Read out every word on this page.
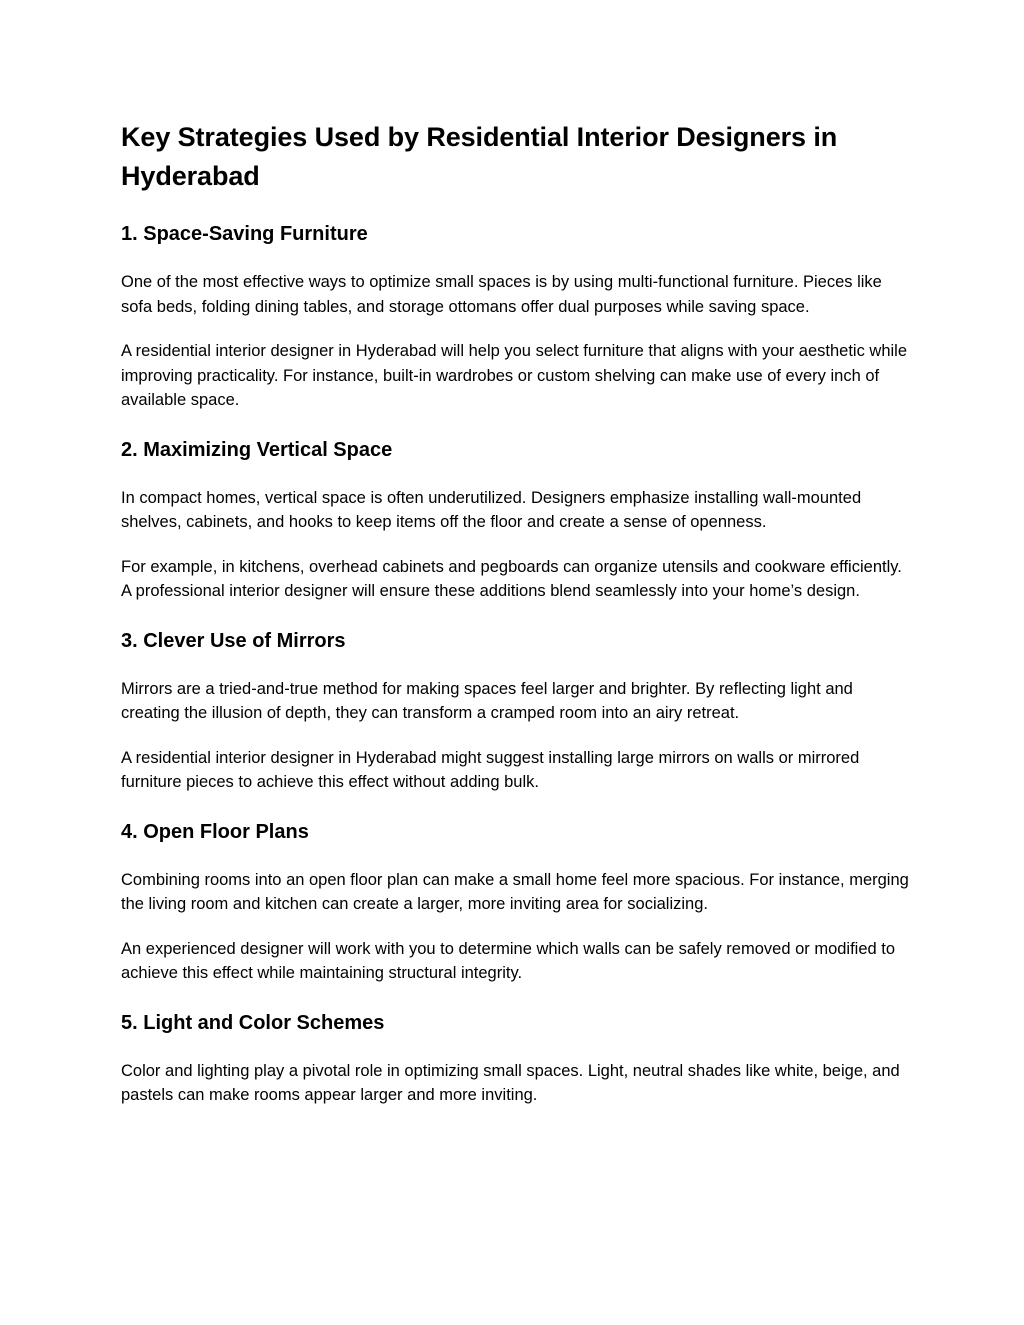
Key Strategies Used by Residential Interior Designers in Hyderabad
1. Space-Saving Furniture

One of the most effective ways to optimize small spaces is by using multi-functional furniture. Pieces like sofa beds, folding dining tables, and storage ottomans offer dual purposes while saving space.

A residential interior designer in Hyderabad will help you select furniture that aligns with your aesthetic while improving practicality. For instance, built-in wardrobes or custom shelving can make use of every inch of available space.

2. Maximizing Vertical Space

In compact homes, vertical space is often underutilized. Designers emphasize installing wall-mounted shelves, cabinets, and hooks to keep items off the floor and create a sense of openness.

For example, in kitchens, overhead cabinets and pegboards can organize utensils and cookware efficiently. A professional interior designer will ensure these additions blend seamlessly into your home’s design.

3. Clever Use of Mirrors

Mirrors are a tried-and-true method for making spaces feel larger and brighter. By reflecting light and creating the illusion of depth, they can transform a cramped room into an airy retreat.

A residential interior designer in Hyderabad might suggest installing large mirrors on walls or mirrored furniture pieces to achieve this effect without adding bulk.

4. Open Floor Plans

Combining rooms into an open floor plan can make a small home feel more spacious. For instance, merging the living room and kitchen can create a larger, more inviting area for socializing.

An experienced designer will work with you to determine which walls can be safely removed or modified to achieve this effect while maintaining structural integrity.

5. Light and Color Schemes

Color and lighting play a pivotal role in optimizing small spaces. Light, neutral shades like white, beige, and pastels can make rooms appear larger and more inviting.
